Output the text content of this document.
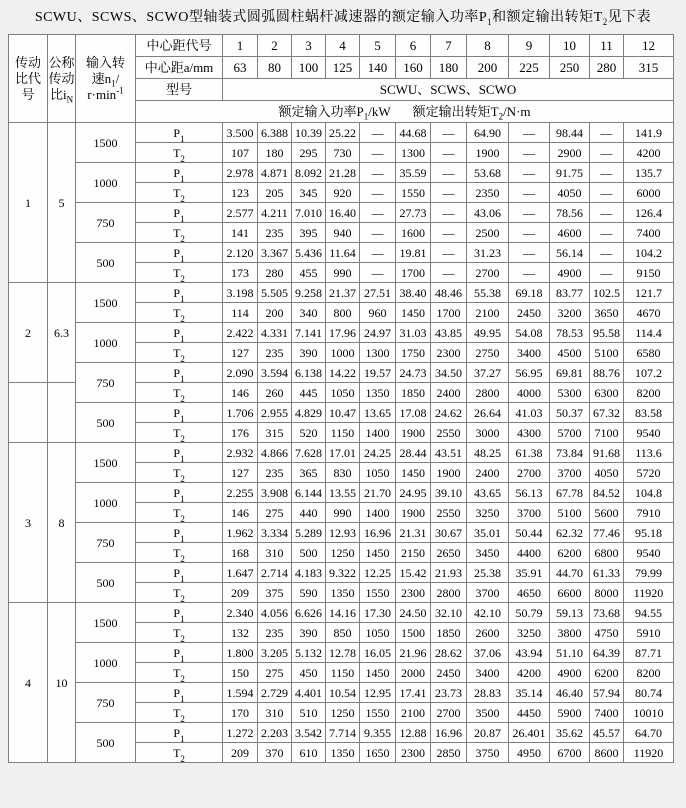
SCWU、SCWS、SCWO型轴装式圆弧圆柱蜗杆减速器的额定输入功率$P_1$和额定输出转矩$T_2$见下表
传动
比代号

公称
传动
比$i_N$

输入转
速$n_1/$
$r\cdot\min^{-1}$
	中心距代号	1	2	3	4	5	6	7	8	9	10	11	12
			中心距a/mm	63	80	100	125	140	160	180	200	225	250	280	315
			型号	SCWU、SCWS、SCWO											
			额定输入功率$P_1/kW$ 额定输出转矩$T_2/N\cdot m$												
1	5	1500	$P_1$	3.500	6.388	10.39	25.22	—	44.68	—	64.90	—	98.44	—	141.9
			$T_2$	107	180	295	730	—	1300	—	1900	—	2900	—	4200
		1000	$P_1$	2.978	4.871	8.092	21.28	—	35.59	—	53.68	—	91.75	—	135.7
			$T_2$	123	205	345	920	—	1550	—	2350	—	4050	—	6000
		750	$P_1$	2.577	4.211	7.010	16.40	—	27.73	—	43.06	—	78.56	—	126.4
			$T_2$	141	235	395	940	—	1600	—	2500	—	4600	—	7400
		500	$P_1$	2.120	3.367	5.436	11.64	—	19.81	—	31.23	—	56.14	—	104.2
			$T_2$	173	280	455	990	—	1700	—	2700	—	4900	—	9150
2	6.3	1500	$P_1$	3.198	5.505	9.258	21.37	27.51	38.40	48.46	55.38	69.18	83.77	102.5	121.7
			$T_2$	114	200	340	800	960	1450	1700	2100	2450	3200	3650	4670
		1000	$P_1$	2.422	4.331	7.141	17.96	24.97	31.03	43.85	49.95	54.08	78.53	95.58	114.4
			$T_2$	127	235	390	1000	1300	1750	2300	2750	3400	4500	5100	6580
		750	$P_1$	2.090	3.594	6.138	14.22	19.57	24.73	34.50	37.27	56.95	69.81	88.76	107.2
			$T_2$	146	260	445	1050	1350	1850	2400	2800	4000	5300	6300	8200
		500	$P_1$	1.706	2.955	4.829	10.47	13.65	17.08	24.62	26.64	41.03	50.37	67.32	83.58
			$T_2$	176	315	520	1150	1400	1900	2550	3000	4300	5700	7100	9540
3	8	1500	$P_1$	2.932	4.866	7.628	17.01	24.25	28.44	43.51	48.25	61.38	73.84	91.68	113.6
			$T_2$	127	235	365	830	1050	1450	1900	2400	2700	3700	4050	5720
		1000	$P_1$	2.255	3.908	6.144	13.55	21.70	24.95	39.10	43.65	56.13	67.78	84.52	104.8
			$T_2$	146	275	440	990	1400	1900	2550	3250	3700	5100	5600	7910
		750	$P_1$	1.962	3.334	5.289	12.93	16.96	21.31	30.67	35.01	50.44	62.32	77.46	95.18
			$T_2$	168	310	500	1250	1450	2150	2650	3450	4400	6200	6800	9540
		500	$P_1$	1.647	2.714	4.183	9.322	12.25	15.42	21.93	25.38	35.91	44.70	61.33	79.99
			$T_2$	209	375	590	1350	1550	2300	2800	3700	4650	6600	8000	11920
4	10	1500	$P_1$	2.340	4.056	6.626	14.16	17.30	24.50	32.10	42.10	50.79	59.13	73.68	94.55
			$T_2$	132	235	390	850	1050	1500	1850	2600	3250	3800	4750	5910
		1000	$P_1$	1.800	3.205	5.132	12.78	16.05	21.96	28.62	37.06	43.94	51.10	64.39	87.71
			$T_2$	150	275	450	1150	1450	2000	2450	3400	4200	4900	6200	8200
		750	$P_1$	1.594	2.729	4.401	10.54	12.95	17.41	23.73	28.83	35.14	46.40	57.94	80.74
			$T_2$	170	310	510	1250	1550	2100	2700	3500	4450	5900	7400	10010
		500	$P_1$	1.272	2.203	3.542	7.714	9.355	12.88	16.96	20.87	26.401	35.62	45.57	64.70
			$T_2$	209	370	610	1350	1650	2300	2850	3750	4950	6700	8600	11920
